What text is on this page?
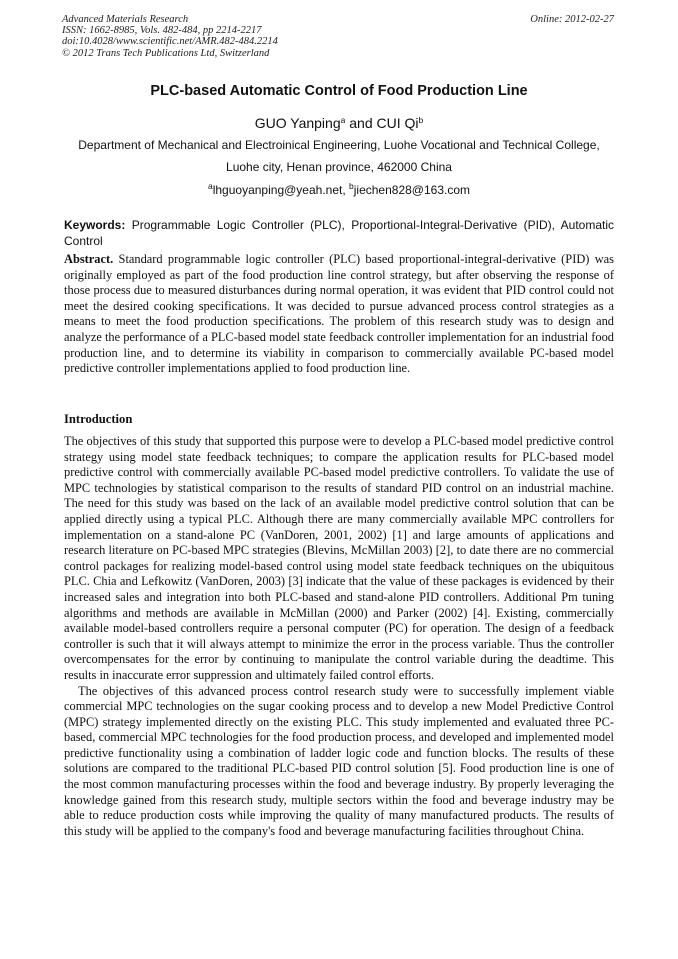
Advanced Materials Research
ISSN: 1662-8985, Vols. 482-484, pp 2214-2217
doi:10.4028/www.scientific.net/AMR.482-484.2214
© 2012 Trans Tech Publications Ltd, Switzerland
Online: 2012-02-27
PLC-based Automatic Control of Food Production Line
GUO Yanping$^a$ and CUI Qi$^b$
Department of Mechanical and Electroinical Engineering, Luohe Vocational and Technical College,
Luohe city, Henan province, 462000 China
$^a$lhguoyanping@yeah.net, $^b$jiechen828@163.com
Keywords: Programmable Logic Controller (PLC), Proportional-Integral-Derivative (PID), Automatic Control
Abstract. Standard programmable logic controller (PLC) based proportional-integral-derivative (PID) was originally employed as part of the food production line control strategy, but after observing the response of those process due to measured disturbances during normal operation, it was evident that PID control could not meet the desired cooking specifications. It was decided to pursue advanced process control strategies as a means to meet the food production specifications. The problem of this research study was to design and analyze the performance of a PLC-based model state feedback controller implementation for an industrial food production line, and to determine its viability in comparison to commercially available PC-based model predictive controller implementations applied to food production line.
Introduction
The objectives of this study that supported this purpose were to develop a PLC-based model predictive control strategy using model state feedback techniques; to compare the application results for PLC-based model predictive control with commercially available PC-based model predictive controllers. To validate the use of MPC technologies by statistical comparison to the results of standard PID control on an industrial machine. The need for this study was based on the lack of an available model predictive control solution that can be applied directly using a typical PLC. Although there are many commercially available MPC controllers for implementation on a stand-alone PC (VanDoren, 2001, 2002) [1] and large amounts of applications and research literature on PC-based MPC strategies (Blevins, McMillan 2003) [2], to date there are no commercial control packages for realizing model-based control using model state feedback techniques on the ubiquitous PLC. Chia and Lefkowitz (VanDoren, 2003) [3] indicate that the value of these packages is evidenced by their increased sales and integration into both PLC-based and stand-alone PID controllers. Additional Pm tuning algorithms and methods are available in McMillan (2000) and Parker (2002) [4]. Existing, commercially available model-based controllers require a personal computer (PC) for operation. The design of a feedback controller is such that it will always attempt to minimize the error in the process variable. Thus the controller overcompensates for the error by continuing to manipulate the control variable during the deadtime. This results in inaccurate error suppression and ultimately failed control efforts.
The objectives of this advanced process control research study were to successfully implement viable commercial MPC technologies on the sugar cooking process and to develop a new Model Predictive Control (MPC) strategy implemented directly on the existing PLC. This study implemented and evaluated three PC-based, commercial MPC technologies for the food production process, and developed and implemented model predictive functionality using a combination of ladder logic code and function blocks. The results of these solutions are compared to the traditional PLC-based PID control solution [5]. Food production line is one of the most common manufacturing processes within the food and beverage industry. By properly leveraging the knowledge gained from this research study, multiple sectors within the food and beverage industry may be able to reduce production costs while improving the quality of many manufactured products. The results of this study will be applied to the company's food and beverage manufacturing facilities throughout China.
